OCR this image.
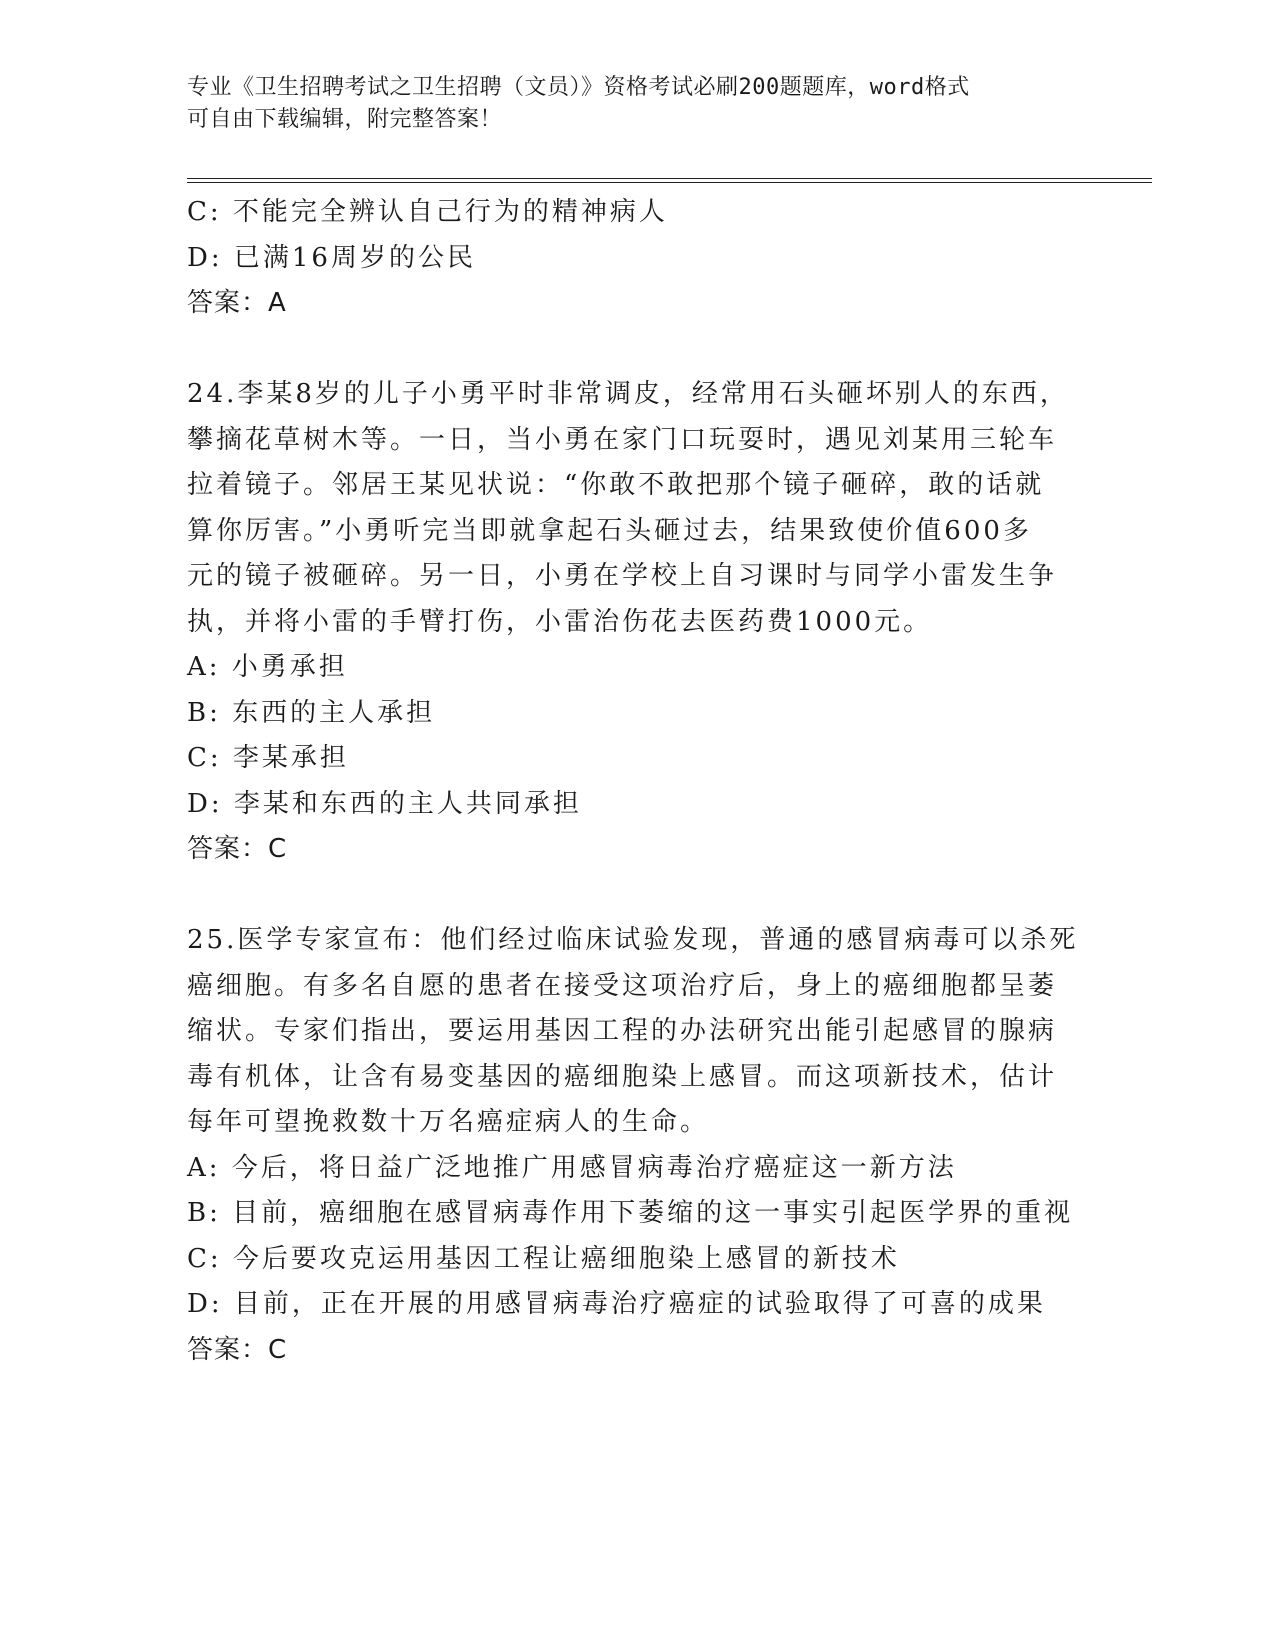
专业《卫生招聘考试之卫生招聘（文员）》资格考试必刷200题题库，word格式
可自由下载编辑，附完整答案！
C: 不能完全辨认自己行为的精神病人
D: 已满16周岁的公民
答案：A
24.李某8岁的儿子小勇平时非常调皮，经常用石头砸坏别人的东西，
攀摘花草树木等。一日，当小勇在家门口玩耍时，遇见刘某用三轮车
拉着镜子。邻居王某见状说：“你敢不敢把那个镜子砸碎，敢的话就
算你厉害。”小勇听完当即就拿起石头砸过去，结果致使价值600多
元的镜子被砸碎。另一日，小勇在学校上自习课时与同学小雷发生争
执，并将小雷的手臂打伤，小雷治伤花去医药费1000元。
A: 小勇承担
B: 东西的主人承担
C: 李某承担
D: 李某和东西的主人共同承担
答案：C
25.医学专家宣布：他们经过临床试验发现，普通的感冒病毒可以杀死
癌细胞。有多名自愿的患者在接受这项治疗后，身上的癌细胞都呈萎
缩状。专家们指出，要运用基因工程的办法研究出能引起感冒的腺病
毒有机体，让含有易变基因的癌细胞染上感冒。而这项新技术，估计
每年可望挽救数十万名癌症病人的生命。
A: 今后，将日益广泛地推广用感冒病毒治疗癌症这一新方法
B: 目前，癌细胞在感冒病毒作用下萎缩的这一事实引起医学界的重视
C: 今后要攻克运用基因工程让癌细胞染上感冒的新技术
D: 目前，正在开展的用感冒病毒治疗癌症的试验取得了可喜的成果
答案：C
